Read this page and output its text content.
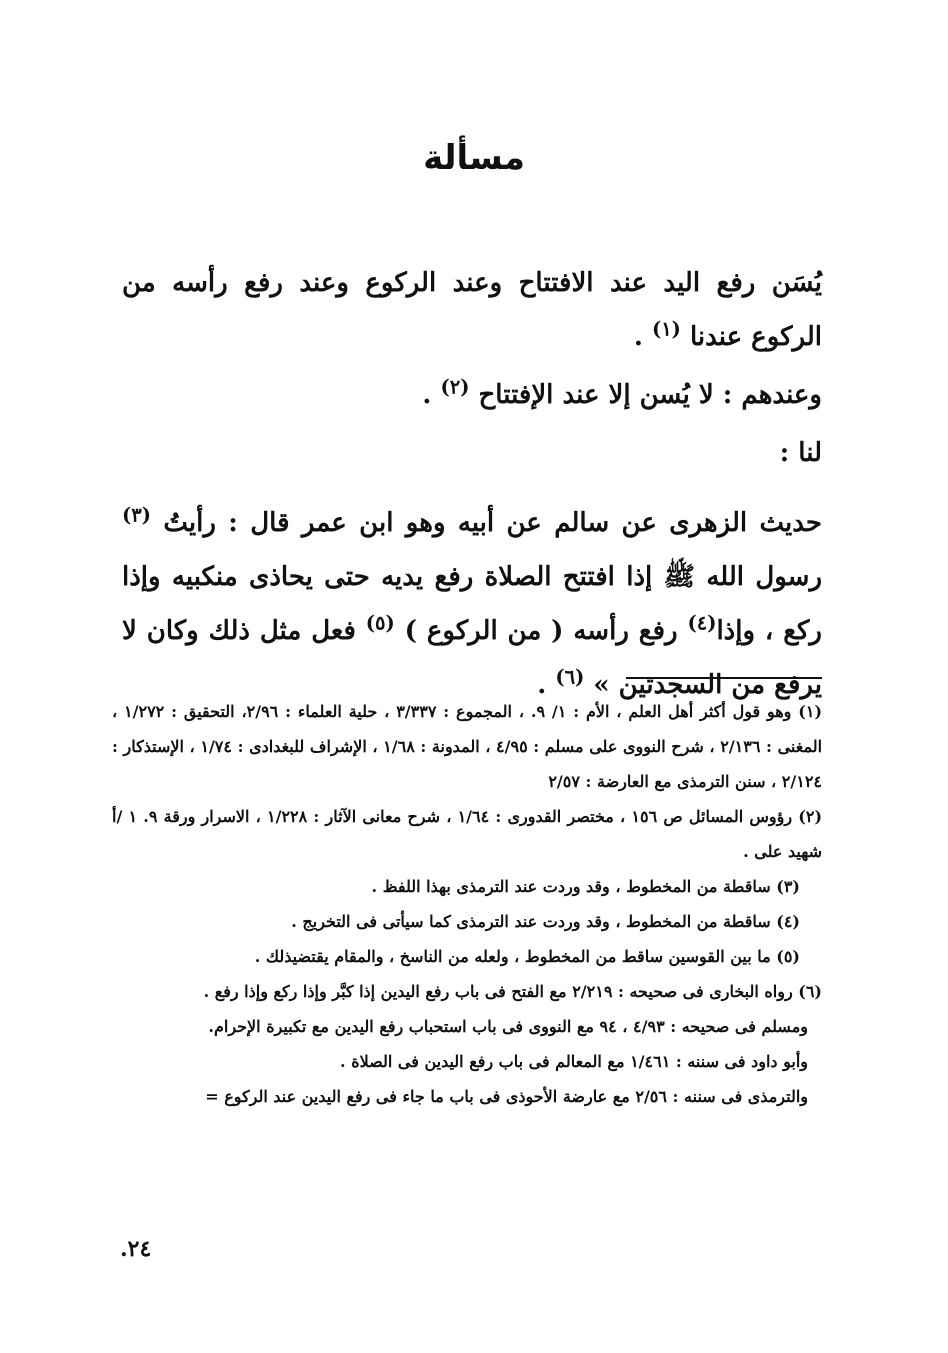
مسألة

يُسَن رفع اليد عند الافتتاح وعند الركوع وعند رفع رأسه من الركوع عندنا $^{(١)}$ .

وعندهم : لا يُسن إلا عند الإفتتاح $^{(٢)}$ .

لنا :

حديث الزهرى عن سالم عن أبيه وهو ابن عمر قال : رأيتُ $^{(٣)}$ رسول الله ﷺ إذا افتتح الصلاة رفع يديه حتى يحاذى منكبيه وإذا ركع ، وإذا$^{(٤)}$ رفع رأسه ( من الركوع ) $^{(٥)}$ فعل مثل ذلك وكان لا يرفع من السجدتين » $^{(٦)}$ .

(١) وهو قول أكثر أهل العلم ، الأم : ١/ ٩. ، المجموع : ٣/٣٣٧ ، حلية العلماء : ٢/٩٦، التحقيق : ١/٢٧٢ ، المغنى : ٢/١٣٦ ، شرح النووى على مسلم : ٤/٩٥ ، المدونة : ١/٦٨ ، الإشراف للبغدادى : ١/٧٤ ، الإستذكار : ٢/١٢٤ ، سنن الترمذى مع العارضة : ٢/٥٧

(٢) رؤوس المسائل ص ١٥٦ ، مختصر القدورى : ١/٦٤ ، شرح معانى الآثار : ١/٢٢٨ ، الاسرار ورقة ٩. ١ /أ شهيد على .

(٣) ساقطة من المخطوط ، وقد وردت عند الترمذى بهذا اللفظ .

(٤) ساقطة من المخطوط ، وقد وردت عند الترمذى كما سيأتى فى التخريج .

(٥) ما بين القوسين ساقط من المخطوط ، ولعله من الناسخ ، والمقام يقتضيذلك .

(٦) رواه البخارى فى صحيحه : ٢/٢١٩ مع الفتح فى باب رفع اليدين إذا كبَّر وإذا ركع وإذا رفع .

ومسلم فى صحيحه : ٤/٩٣ ، ٩٤ مع النووى فى باب استحباب رفع اليدين مع تكبيرة الإحرام.

وأبو داود فى سننه : ١/٤٦١ مع المعالم فى باب رفع اليدين فى الصلاة .

والترمذى فى سننه : ٢/٥٦ مع عارضة الأحوذى فى باب ما جاء فى رفع اليدين عند الركوع =

٢٤.
